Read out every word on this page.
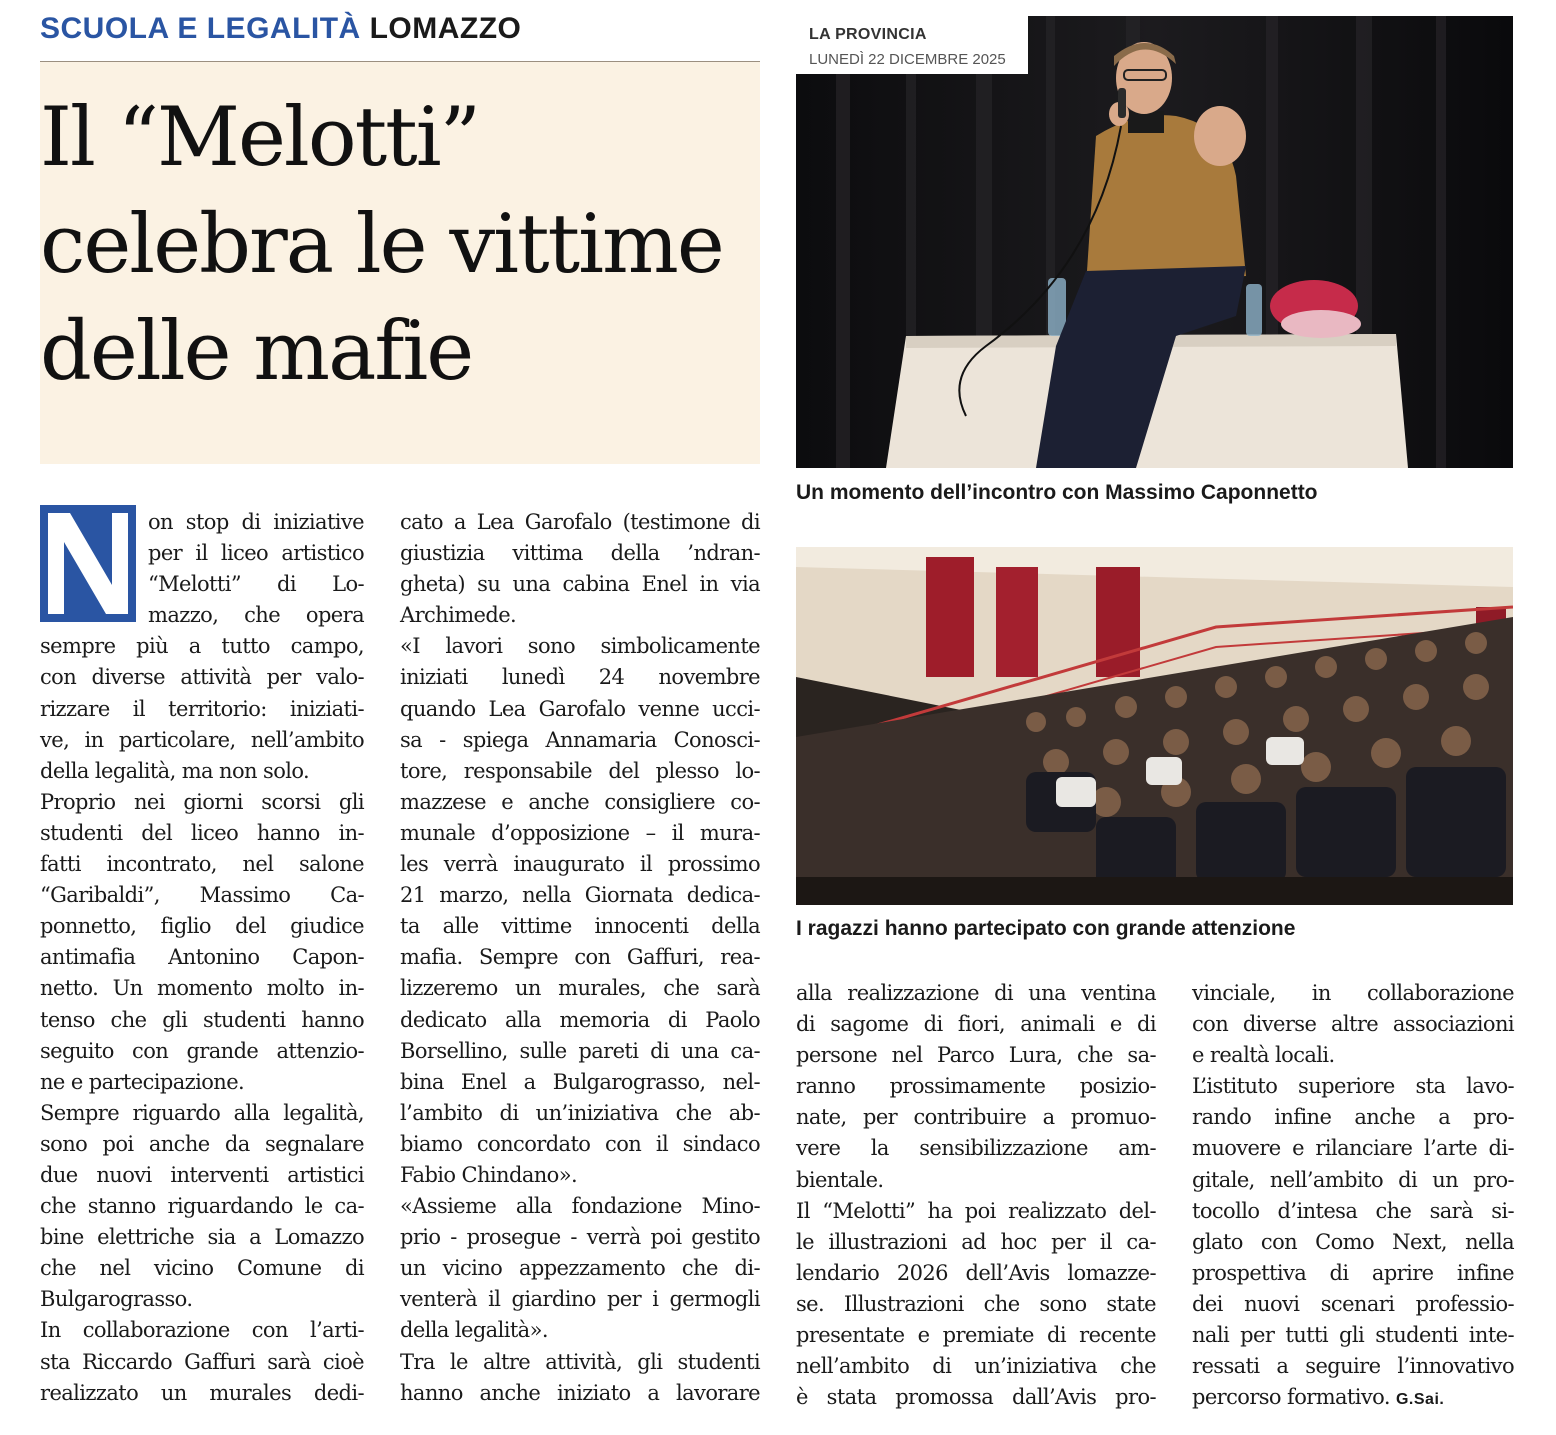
SCUOLA E LEGALITÀ LOMAZZO
Il “Melotti”
celebra le vittime
delle mafie
LA PROVINCIA
LUNEDÌ 22 DICEMBRE 2025
Un momento dell’incontro con Massimo Caponnetto
I ragazzi hanno partecipato con grande attenzione
on stop di iniziative
per il liceo artistico
“Melotti” di Lo-
mazzo, che opera
sempre più a tutto campo,
con diverse attività per valo-
rizzare il territorio: iniziati-
ve, in particolare, nell’ambito
della legalità, ma non solo.
Proprio nei giorni scorsi gli
studenti del liceo hanno in-
fatti incontrato, nel salone
“Garibaldi”, Massimo Ca-
ponnetto, figlio del giudice
antimafia Antonino Capon-
netto. Un momento molto in-
tenso che gli studenti hanno
seguito con grande attenzio-
ne e partecipazione.
Sempre riguardo alla legalità,
sono poi anche da segnalare
due nuovi interventi artistici
che stanno riguardando le ca-
bine elettriche sia a Lomazzo
che nel vicino Comune di
Bulgarograsso.
In collaborazione con l’arti-
sta Riccardo Gaffuri sarà cioè
realizzato un murales dedi-
cato a Lea Garofalo (testimone di
giustizia vittima della ’ndran-
gheta) su una cabina Enel in via
Archimede.
«I lavori sono simbolicamente
iniziati lunedì 24 novembre
quando Lea Garofalo venne ucci-
sa - spiega Annamaria Conosci-
tore, responsabile del plesso lo-
mazzese e anche consigliere co-
munale d’opposizione – il mura-
les verrà inaugurato il prossimo
21 marzo, nella Giornata dedica-
ta alle vittime innocenti della
mafia. Sempre con Gaffuri, rea-
lizzeremo un murales, che sarà
dedicato alla memoria di Paolo
Borsellino, sulle pareti di una ca-
bina Enel a Bulgarograsso, nel-
l’ambito di un’iniziativa che ab-
biamo concordato con il sindaco
Fabio Chindano».
«Assieme alla fondazione Mino-
prio - prosegue - verrà poi gestito
un vicino appezzamento che di-
venterà il giardino per i germogli
della legalità».
Tra le altre attività, gli studenti
hanno anche iniziato a lavorare
alla realizzazione di una ventina
di sagome di fiori, animali e di
persone nel Parco Lura, che sa-
ranno prossimamente posizio-
nate, per contribuire a promuo-
vere la sensibilizzazione am-
bientale.
Il “Melotti” ha poi realizzato del-
le illustrazioni ad hoc per il ca-
lendario 2026 dell’Avis lomazze-
se. Illustrazioni che sono state
presentate e premiate di recente
nell’ambito di un’iniziativa che
è stata promossa dall’Avis pro-
vinciale, in collaborazione
con diverse altre associazioni
e realtà locali.
L’istituto superiore sta lavo-
rando infine anche a pro-
muovere e rilanciare l’arte di-
gitale, nell’ambito di un pro-
tocollo d’intesa che sarà si-
glato con Como Next, nella
prospettiva di aprire infine
dei nuovi scenari professio-
nali per tutti gli studenti inte-
ressati a seguire l’innovativo
percorso formativo. G.Sai.
